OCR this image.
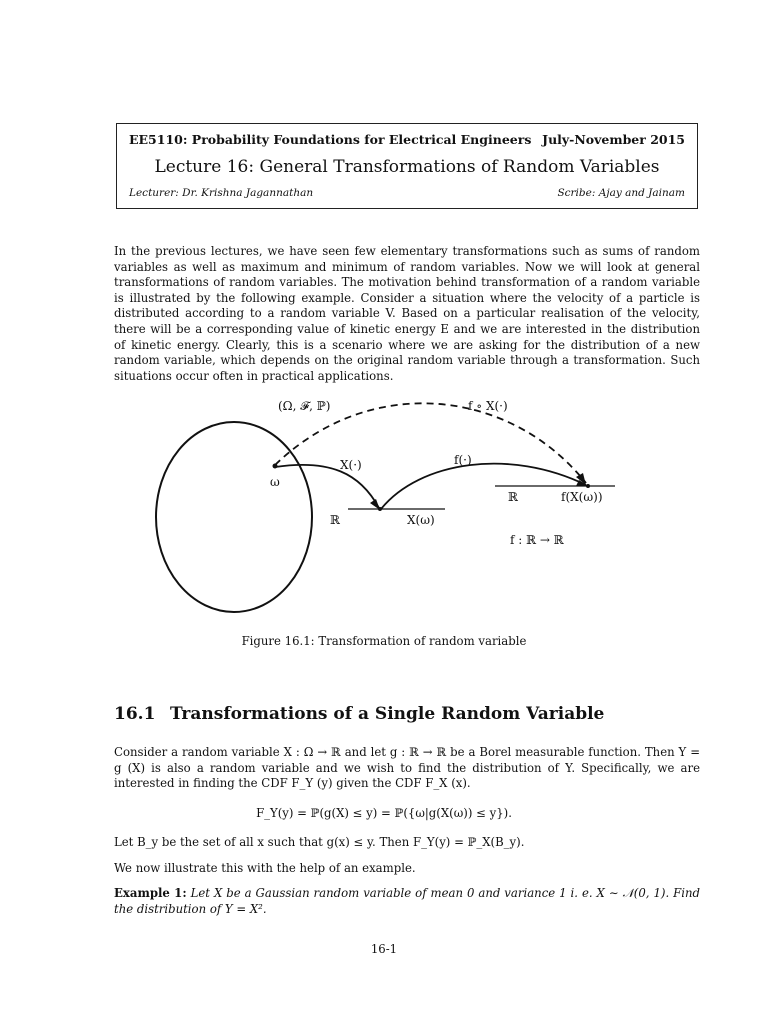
EE5110: Probability Foundations for Electrical Engineers July-November 2015
Lecture 16: General Transformations of Random Variables
Lecturer: Dr. Krishna Jagannathan	Scribe: Ajay and Jainam
In the previous lectures, we have seen few elementary transformations such as sums of random variables as well as maximum and minimum of random variables. Now we will look at general transformations of random variables. The motivation behind transformation of a random variable is illustrated by the following example. Consider a situation where the velocity of a particle is distributed according to a random variable V. Based on a particular realisation of the velocity, there will be a corresponding value of kinetic energy E and we are interested in the distribution of kinetic energy. Clearly, this is a scenario where we are asking for the distribution of a new random variable, which depends on the original random variable through a transformation. Such situations occur often in practical applications.
(Ω, 𝓕, ℙ)	f ∘ X(·)
X(·)	f(·)
ω
ℝ	X(ω)
ℝ	f(X(ω))
f : ℝ → ℝ
Figure 16.1: Transformation of random variable
16.1 Transformations of a Single Random Variable
Consider a random variable X : Ω → ℝ and let g : ℝ → ℝ be a Borel measurable function. Then Y = g (X) is also a random variable and we wish to find the distribution of Y. Specifically, we are interested in finding the CDF F_Y (y) given the CDF F_X (x).
F_Y(y) = ℙ(g(X) ≤ y) = ℙ({ω|g(X(ω)) ≤ y}).
Let B_y be the set of all x such that g(x) ≤ y. Then F_Y(y) = ℙ_X(B_y).
We now illustrate this with the help of an example.
Example 1: Let X be a Gaussian random variable of mean 0 and variance 1 i. e. X ∼ 𝒩(0, 1). Find the distribution of Y = X².
16-1
